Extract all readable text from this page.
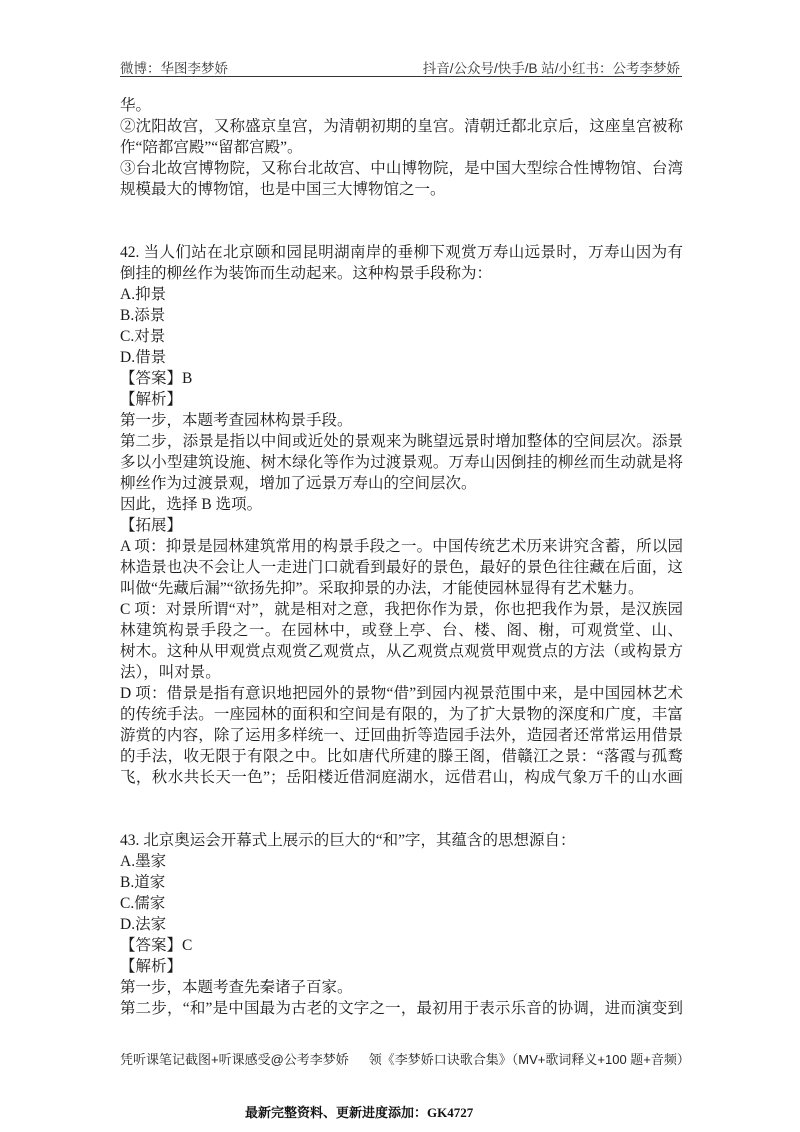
微博：华图李梦娇	抖音/公众号/快手/B 站/小红书：公考李梦娇
华。
②沈阳故宫，又称盛京皇宫，为清朝初期的皇宫。清朝迁都北京后，这座皇宫被称
作“陪都宫殿”“留都宫殿”。
③台北故宫博物院，又称台北故宫、中山博物院，是中国大型综合性博物馆、台湾
规模最大的博物馆，也是中国三大博物馆之一。
42. 当人们站在北京颐和园昆明湖南岸的垂柳下观赏万寿山远景时，万寿山因为有
倒挂的柳丝作为装饰而生动起来。这种构景手段称为：
A.抑景
B.添景
C.对景
D.借景
【答案】B
【解析】
第一步，本题考查园林构景手段。
第二步，添景是指以中间或近处的景观来为眺望远景时增加整体的空间层次。添景
多以小型建筑设施、树木绿化等作为过渡景观。万寿山因倒挂的柳丝而生动就是将
柳丝作为过渡景观，增加了远景万寿山的空间层次。
因此，选择 B 选项。
【拓展】
A 项：抑景是园林建筑常用的构景手段之一。中国传统艺术历来讲究含蓄，所以园
林造景也决不会让人一走进门口就看到最好的景色，最好的景色往往藏在后面，这
叫做“先藏后漏”“欲扬先抑”。采取抑景的办法，才能使园林显得有艺术魅力。
C 项：对景所谓“对”，就是相对之意，我把你作为景，你也把我作为景，是汉族园
林建筑构景手段之一。在园林中，或登上亭、台、楼、阁、榭，可观赏堂、山、
树木。这种从甲观赏点观赏乙观赏点，从乙观赏点观赏甲观赏点的方法（或构景方
法），叫对景。
D 项：借景是指有意识地把园外的景物“借”到园内视景范围中来，是中国园林艺术
的传统手法。一座园林的面积和空间是有限的，为了扩大景物的深度和广度，丰富
游赏的内容，除了运用多样统一、迂回曲折等造园手法外，造园者还常常运用借景
的手法，收无限于有限之中。比如唐代所建的滕王阁，借赣江之景：“落霞与孤鹜
飞，秋水共长天一色”；岳阳楼近借洞庭湖水，远借君山，构成气象万千的山水画
43. 北京奥运会开幕式上展示的巨大的“和”字，其蕴含的思想源自：
A.墨家
B.道家
C.儒家
D.法家
【答案】C
【解析】
第一步，本题考查先秦诸子百家。
第二步，“和”是中国最为古老的文字之一，最初用于表示乐音的协调，进而演变到
凭听课笔记截图+听课感受@公考李梦娇 领《李梦娇口诀歌合集》（MV+歌词释义+100 题+音频）
最新完整资料、更新进度添加：GK4727
